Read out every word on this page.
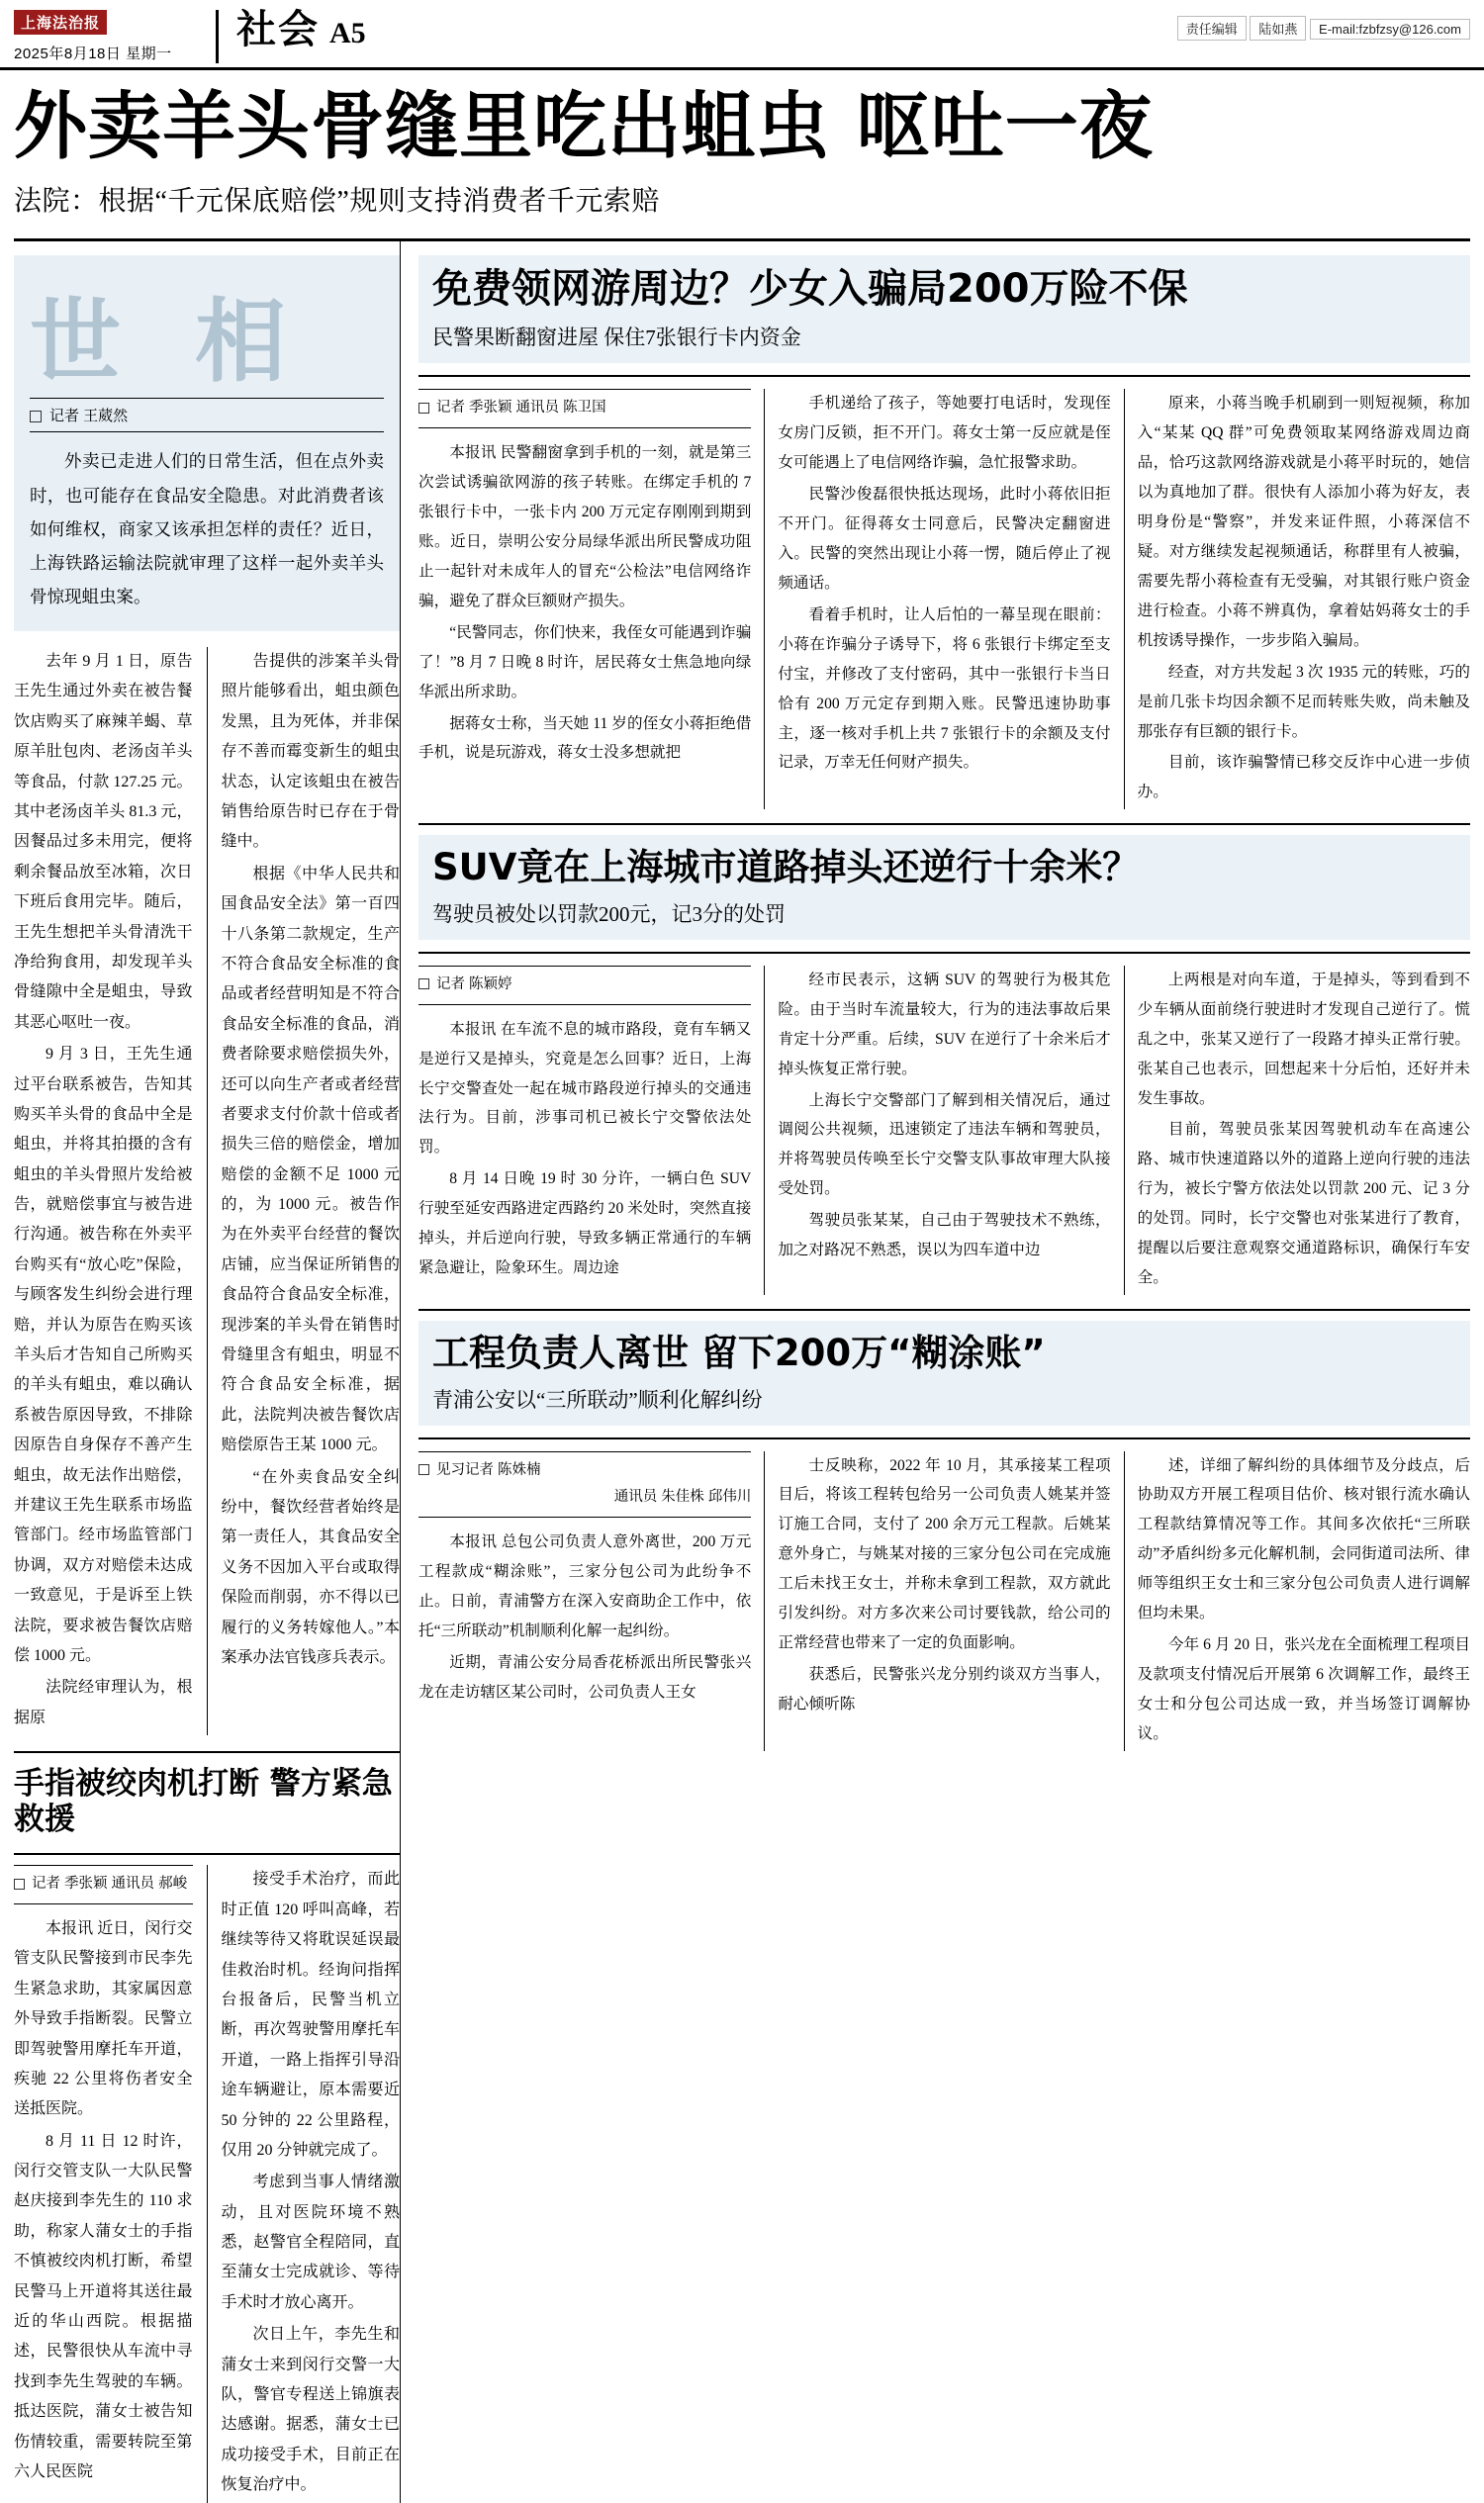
上海法治报
2025年8月18日 星期一
社会 A5	责任编辑 陆如燕 E-mail:fzbfzsy@126.com
外卖羊头骨缝里吃出蛆虫 呕吐一夜
法院：根据“千元保底赔偿”规则支持消费者千元索赔
世 相
记者 王葳然
外卖已走进人们的日常生活，但在点外卖时，也可能存在食品安全隐患。对此消费者该如何维权，商家又该承担怎样的责任？近日，上海铁路运输法院就审理了这样一起外卖羊头骨惊现蛆虫案。

去年 9 月 1 日，原告王先生通过外卖在被告餐饮店购买了麻辣羊蝎、草原羊肚包肉、老汤卤羊头等食品，付款 127.25 元。其中老汤卤羊头 81.3 元，因餐品过多未用完，便将剩余餐品放至冰箱，次日下班后食用完毕。随后，王先生想把羊头骨清洗干净给狗食用，却发现羊头骨缝隙中全是蛆虫，导致其恶心呕吐一夜。

9 月 3 日，王先生通过平台联系被告，告知其购买羊头骨的食品中全是蛆虫，并将其拍摄的含有蛆虫的羊头骨照片发给被告，就赔偿事宜与被告进行沟通。被告称在外卖平台购买有“放心吃”保险，与顾客发生纠纷会进行理赔，并认为原告在购买该羊头后才告知自己所购买的羊头有蛆虫，难以确认系被告原因导致，不排除因原告自身保存不善产生蛆虫，故无法作出赔偿，并建议王先生联系市场监管部门。经市场监管部门协调，双方对赔偿未达成一致意见，于是诉至上铁法院，要求被告餐饮店赔偿 1000 元。

法院经审理认为，根据原

告提供的涉案羊头骨照片能够看出，蛆虫颜色发黑，且为死体，并非保存不善而霉变新生的蛆虫状态，认定该蛆虫在被告销售给原告时已存在于骨缝中。

根据《中华人民共和国食品安全法》第一百四十八条第二款规定，生产不符合食品安全标准的食品或者经营明知是不符合食品安全标准的食品，消费者除要求赔偿损失外，还可以向生产者或者经营者要求支付价款十倍或者损失三倍的赔偿金，增加赔偿的金额不足 1000 元的，为 1000 元。被告作为在外卖平台经营的餐饮店铺，应当保证所销售的食品符合食品安全标准，现涉案的羊头骨在销售时骨缝里含有蛆虫，明显不符合食品安全标准，据此，法院判决被告餐饮店赔偿原告王某 1000 元。

“在外卖食品安全纠纷中，餐饮经营者始终是第一责任人，其食品安全义务不因加入平台或取得保险而削弱，亦不得以已履行的义务转嫁他人。”本案承办法官钱彦兵表示。

手指被绞肉机打断 警方紧急救援
记者 季张颖 通讯员 郝峻

本报讯 近日，闵行交管支队民警接到市民李先生紧急求助，其家属因意外导致手指断裂。民警立即驾驶警用摩托车开道，疾驰 22 公里将伤者安全送抵医院。

8 月 11 日 12 时许，闵行交管支队一大队民警赵庆接到李先生的 110 求助，称家人蒲女士的手指不慎被绞肉机打断，希望民警马上开道将其送往最近的华山西院。根据描述，民警很快从车流中寻找到李先生驾驶的车辆。抵达医院，蒲女士被告知伤情较重，需要转院至第六人民医院

接受手术治疗，而此时正值 120 呼叫高峰，若继续等待又将耽误延误最佳救治时机。经询问指挥台报备后，民警当机立断，再次驾驶警用摩托车开道，一路上指挥引导沿途车辆避让，原本需要近 50 分钟的 22 公里路程，仅用 20 分钟就完成了。

考虑到当事人情绪激动，且对医院环境不熟悉，赵警官全程陪同，直至蒲女士完成就诊、等待手术时才放心离开。

次日上午，李先生和蒲女士来到闵行交警一大队，警官专程送上锦旗表达感谢。据悉，蒲女士已成功接受手术，目前正在恢复治疗中。

免费领网游周边？少女入骗局200万险不保
民警果断翻窗进屋 保住7张银行卡内资金
记者 季张颖 通讯员 陈卫国

本报讯 民警翻窗拿到手机的一刻，就是第三次尝试诱骗欲网游的孩子转账。在绑定手机的 7 张银行卡中，一张卡内 200 万元定存刚刚到期到账。近日，崇明公安分局绿华派出所民警成功阻止一起针对未成年人的冒充“公检法”电信网络诈骗，避免了群众巨额财产损失。

“民警同志，你们快来，我侄女可能遇到诈骗了！”8 月 7 日晚 8 时许，居民蒋女士焦急地向绿华派出所求助。

据蒋女士称，当天她 11 岁的侄女小蒋拒绝借手机，说是玩游戏，蒋女士没多想就把

手机递给了孩子，等她要打电话时，发现侄女房门反锁，拒不开门。蒋女士第一反应就是侄女可能遇上了电信网络诈骗，急忙报警求助。

民警沙俊磊很快抵达现场，此时小蒋依旧拒不开门。征得蒋女士同意后，民警决定翻窗进入。民警的突然出现让小蒋一愣，随后停止了视频通话。

看着手机时，让人后怕的一幕呈现在眼前：小蒋在诈骗分子诱导下，将 6 张银行卡绑定至支付宝，并修改了支付密码，其中一张银行卡当日恰有 200 万元定存到期入账。民警迅速协助事主，逐一核对手机上共 7 张银行卡的余额及支付记录，万幸无任何财产损失。

原来，小蒋当晚手机刷到一则短视频，称加入“某某 QQ 群”可免费领取某网络游戏周边商品，恰巧这款网络游戏就是小蒋平时玩的，她信以为真地加了群。很快有人添加小蒋为好友，表明身份是“警察”，并发来证件照，小蒋深信不疑。对方继续发起视频通话，称群里有人被骗，需要先帮小蒋检查有无受骗，对其银行账户资金进行检查。小蒋不辨真伪，拿着姑妈蒋女士的手机按诱导操作，一步步陷入骗局。

经查，对方共发起 3 次 1935 元的转账，巧的是前几张卡均因余额不足而转账失败，尚未触及那张存有巨额的银行卡。

目前，该诈骗警情已移交反诈中心进一步侦办。

SUV竟在上海城市道路掉头还逆行十余米？
驾驶员被处以罚款200元，记3分的处罚
记者 陈颖婷

本报讯 在车流不息的城市路段，竟有车辆又是逆行又是掉头，究竟是怎么回事？近日，上海长宁交警查处一起在城市路段逆行掉头的交通违法行为。目前，涉事司机已被长宁交警依法处罚。

8 月 14 日晚 19 时 30 分许，一辆白色 SUV 行驶至延安西路进定西路约 20 米处时，突然直接掉头，并后逆向行驶，导致多辆正常通行的车辆紧急避让，险象环生。周边途

经市民表示，这辆 SUV 的驾驶行为极其危险。由于当时车流量较大，行为的违法事故后果肯定十分严重。后续，SUV 在逆行了十余米后才掉头恢复正常行驶。

上海长宁交警部门了解到相关情况后，通过调阅公共视频，迅速锁定了违法车辆和驾驶员，并将驾驶员传唤至长宁交警支队事故审理大队接受处罚。

驾驶员张某某，自己由于驾驶技术不熟练，加之对路况不熟悉，误以为四车道中边

上两根是对向车道，于是掉头，等到看到不少车辆从面前绕行驶进时才发现自己逆行了。慌乱之中，张某又逆行了一段路才掉头正常行驶。张某自己也表示，回想起来十分后怕，还好并未发生事故。

目前，驾驶员张某因驾驶机动车在高速公路、城市快速道路以外的道路上逆向行驶的违法行为，被长宁警方依法处以罚款 200 元、记 3 分的处罚。同时，长宁交警也对张某进行了教育，提醒以后要注意观察交通道路标识，确保行车安全。

工程负责人离世 留下200万“糊涂账”
青浦公安以“三所联动”顺利化解纠纷
见习记者 陈姝楠
通讯员 朱佳株 邱伟川

本报讯 总包公司负责人意外离世，200 万元工程款成“糊涂账”，三家分包公司为此纷争不止。日前，青浦警方在深入安商助企工作中，依托“三所联动”机制顺利化解一起纠纷。

近期，青浦公安分局香花桥派出所民警张兴龙在走访辖区某公司时，公司负责人王女

士反映称，2022 年 10 月，其承接某工程项目后，将该工程转包给另一公司负责人姚某并签订施工合同，支付了 200 余万元工程款。后姚某意外身亡，与姚某对接的三家分包公司在完成施工后未找王女士，并称未拿到工程款，双方就此引发纠纷。对方多次来公司讨要钱款，给公司的正常经营也带来了一定的负面影响。

获悉后，民警张兴龙分别约谈双方当事人，耐心倾听陈

述，详细了解纠纷的具体细节及分歧点，后协助双方开展工程项目估价、核对银行流水确认工程款结算情况等工作。其间多次依托“三所联动”矛盾纠纷多元化解机制，会同街道司法所、律师等组织王女士和三家分包公司负责人进行调解但均未果。

今年 6 月 20 日，张兴龙在全面梳理工程项目及款项支付情况后开展第 6 次调解工作，最终王女士和分包公司达成一致，并当场签订调解协议。
